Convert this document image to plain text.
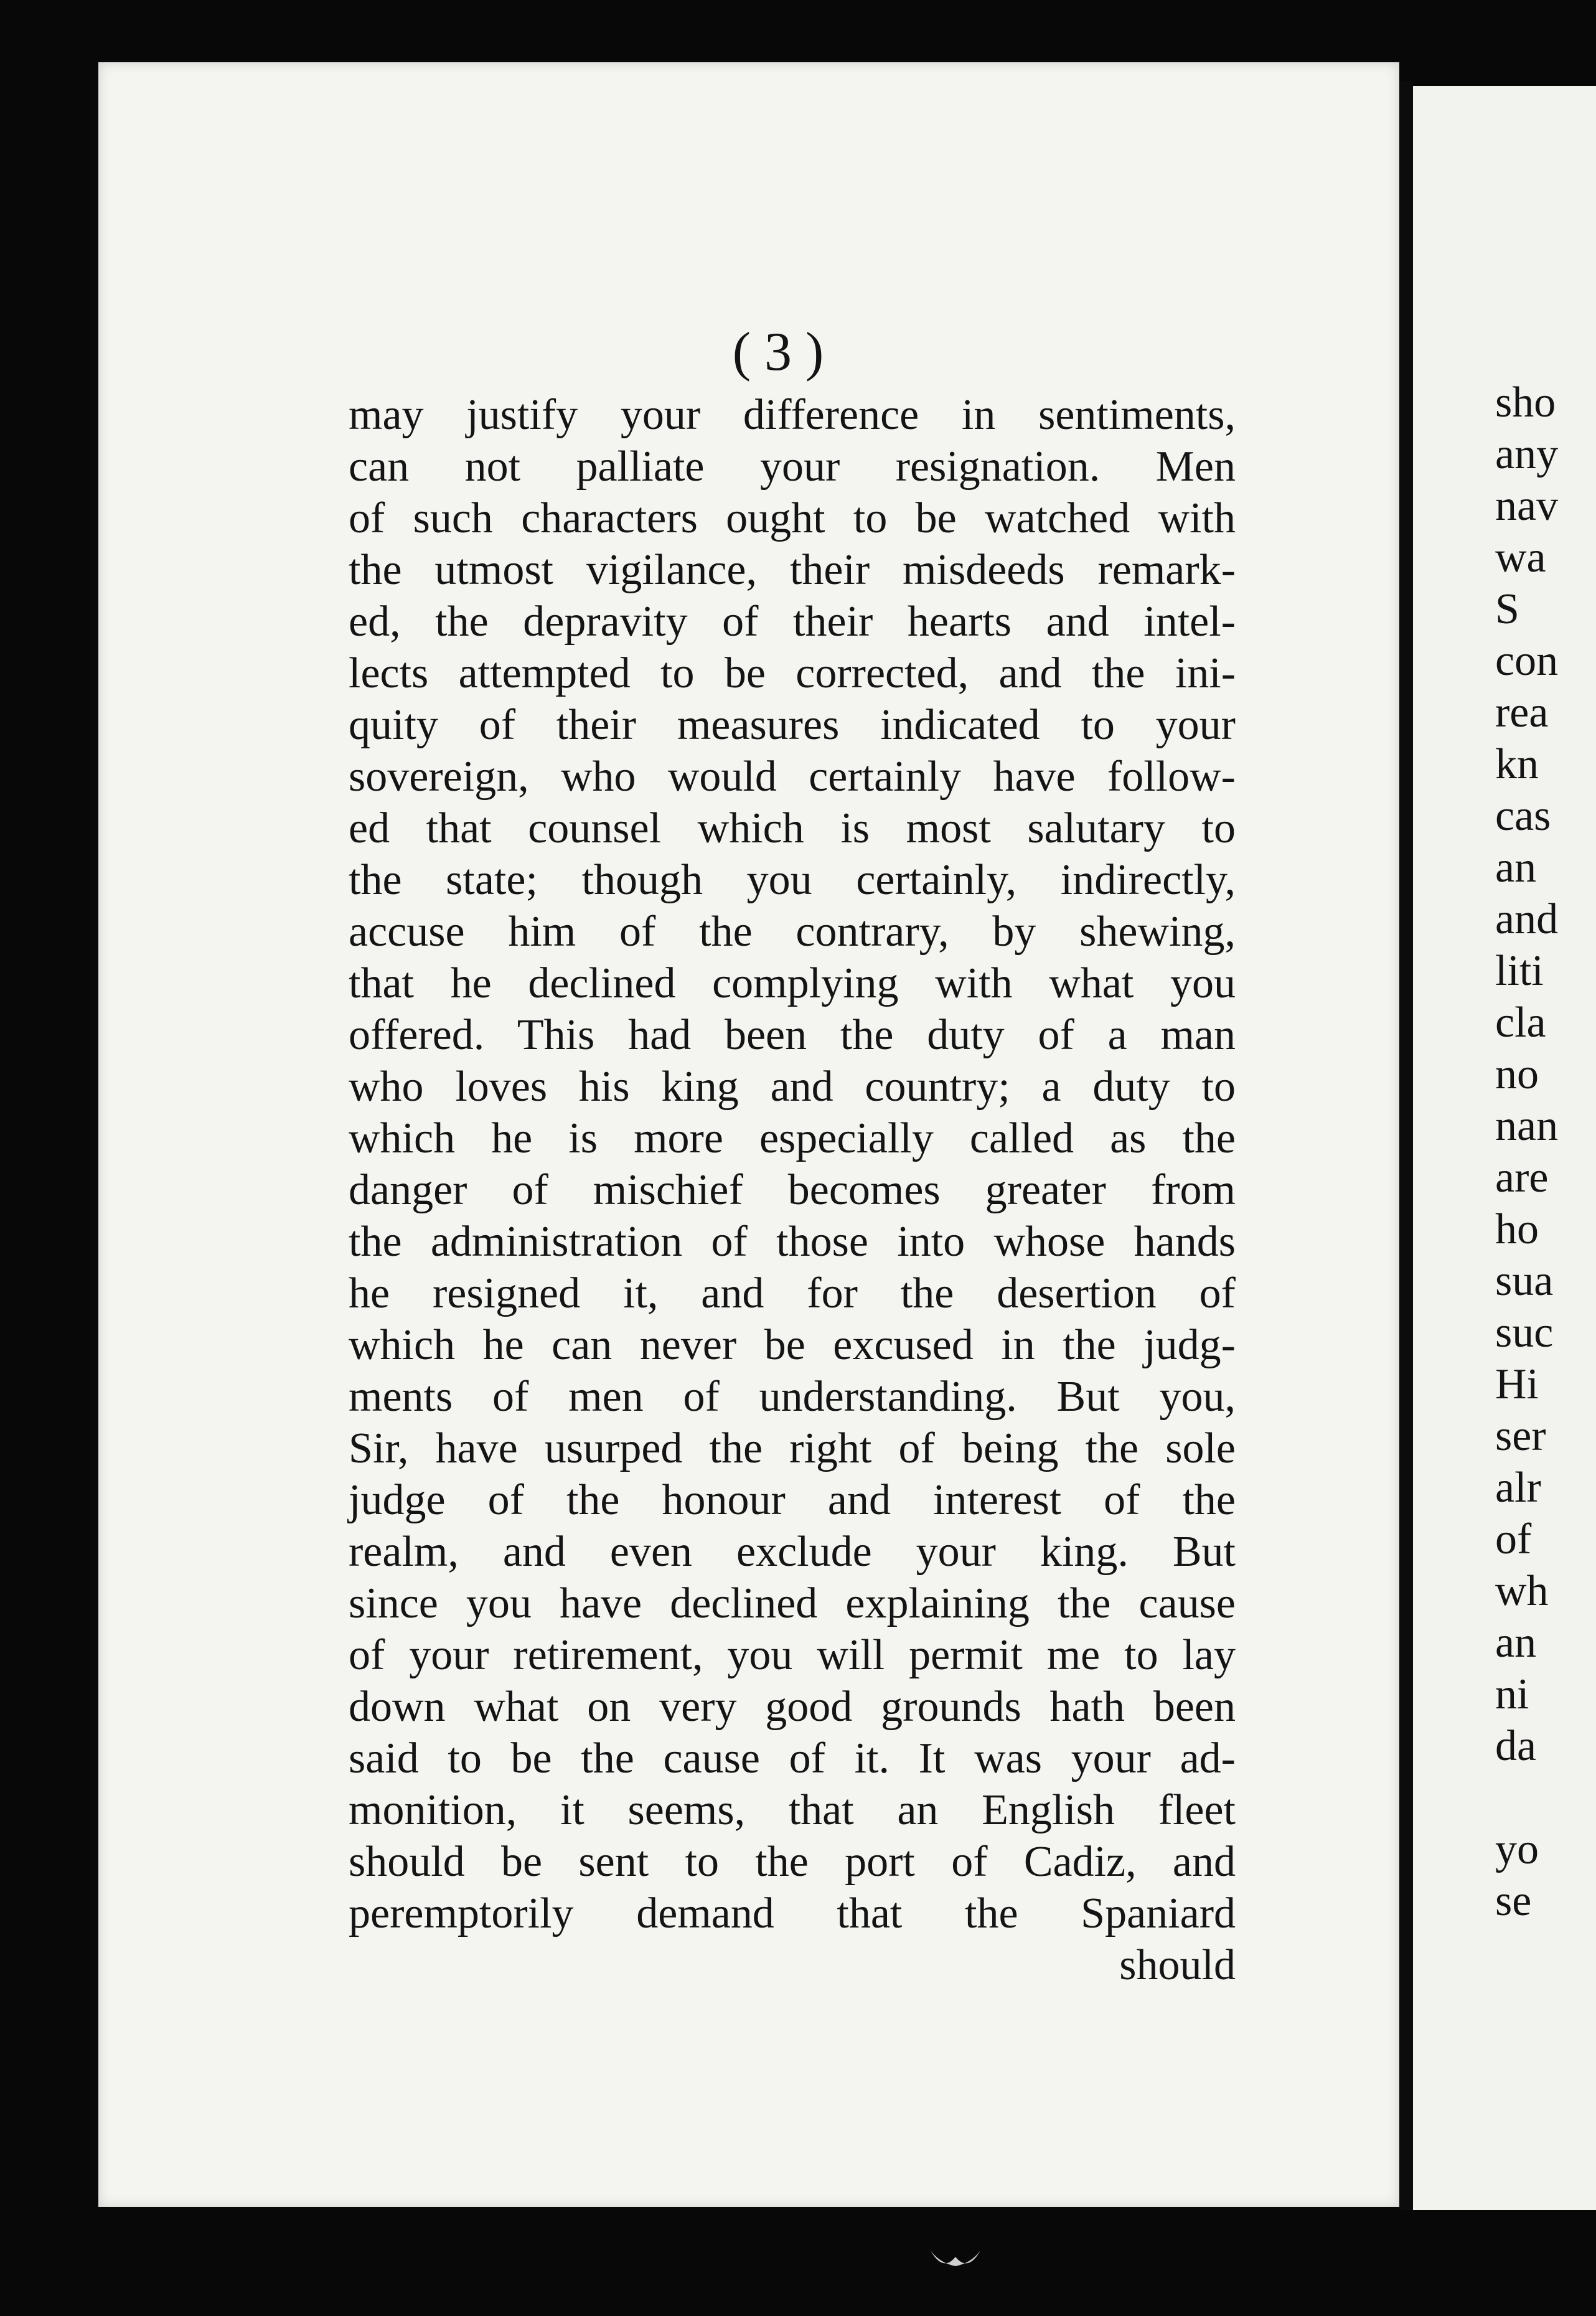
( 3 )
may justify your difference in sentiments,
can not palliate your resignation. Men
of such characters ought to be watched with
the utmost vigilance, their misdeeds remark-
ed, the depravity of their hearts and intel-
lects attempted to be corrected, and the ini-
quity of their measures indicated to your
sovereign, who would certainly have follow-
ed that counsel which is most salutary to
the state; though you certainly, indirectly,
accuse him of the contrary, by shewing,
that he declined complying with what you
offered. This had been the duty of a man
who loves his king and country; a duty to
which he is more especially called as the
danger of mischief becomes greater from
the administration of those into whose hands
he resigned it, and for the desertion of
which he can never be excused in the judg-
ments of men of understanding. But you,
Sir, have usurped the right of being the sole
judge of the honour and interest of the
realm, and even exclude your king. But
since you have declined explaining the cause
of your retirement, you will permit me to lay
down what on very good grounds hath been
said to be the cause of it. It was your ad-
monition, it seems, that an English fleet
should be sent to the port of Cadiz, and
peremptorily demand that the Spaniard
should
sho
any
nav
wa
S
con
rea
kn
cas
an
and
liti
cla
no
nan
are
ho
sua
suc
Hi
ser
alr
of
wh
an
ni
da
yo
se
